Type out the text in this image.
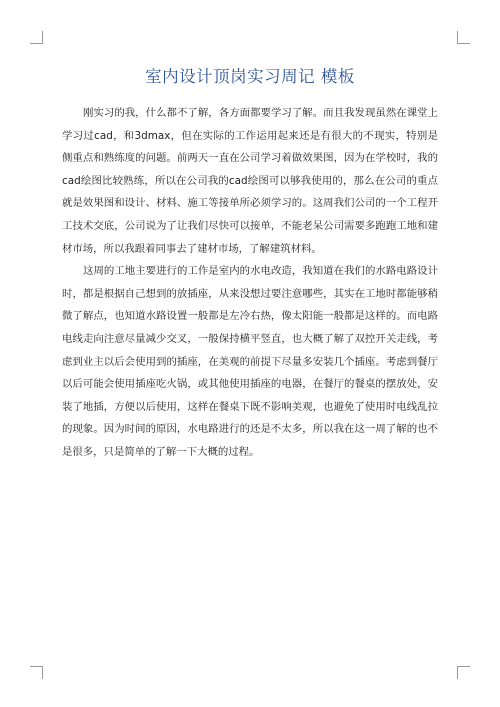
室内设计顶岗实习周记 模板

刚实习的我，什么都不了解，各方面都要学习了解。而且我发现虽然在课堂上学习过cad，和3dmax，但在实际的工作运用起来还是有很大的不现实，特别是侧重点和熟练度的问题。前两天一直在公司学习着做效果图，因为在学校时，我的cad绘图比较熟练，所以在公司我的cad绘图可以够我使用的，那么在公司的重点就是效果图和设计、材料、施工等接单所必须学习的。这周我们公司的一个工程开工技术交底，公司说为了让我们尽快可以接单，不能老呆公司需要多跑跑工地和建材市场，所以我跟着同事去了建材市场，了解建筑材料。

这周的工地主要进行的工作是室内的水电改造，我知道在我们的水路电路设计时，都是根据自己想到的放插座，从来没想过要注意哪些，其实在工地时都能够稍微了解点，也知道水路设置一般都是左冷右热，像太阳能一般都是这样的。而电路电线走向注意尽量减少交叉，一般保持横平竖直，也大概了解了双控开关走线，考虑到业主以后会使用到的插座，在美观的前提下尽量多安装几个插座。考虑到餐厅以后可能会使用插座吃火锅，或其他使用插座的电器，在餐厅的餐桌的摆放处，安装了地插，方便以后使用，这样在餐桌下既不影响美观，也避免了使用时电线乱拉的现象。因为时间的原因，水电路进行的还是不太多，所以我在这一周了解的也不是很多，只是简单的了解一下大概的过程。
